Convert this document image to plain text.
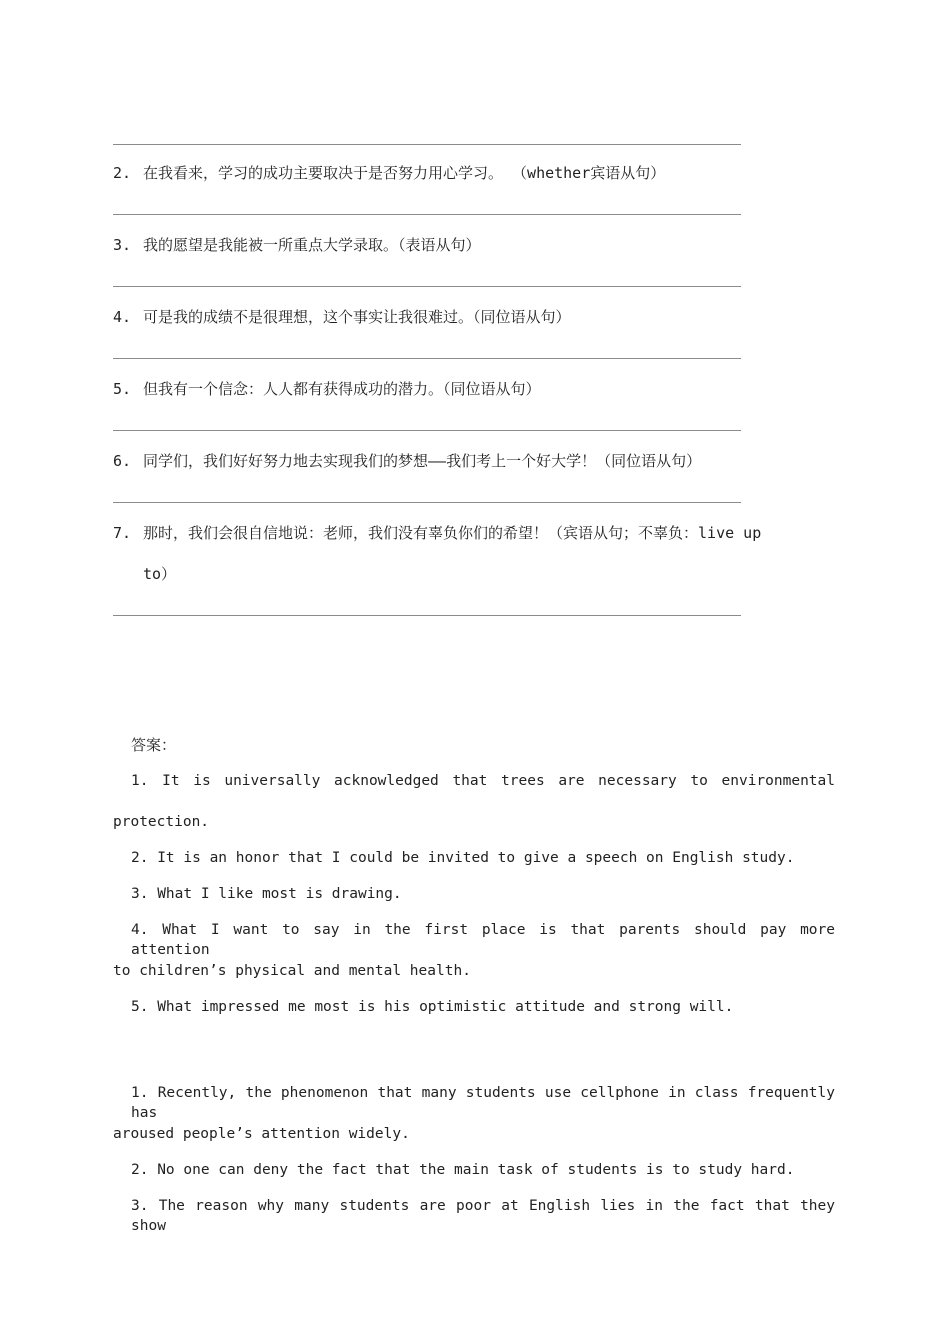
2. 在我看来，学习的成功主要取决于是否努力用心学习。 （whether宾语从句）
3. 我的愿望是我能被一所重点大学录取。（表语从句）
4. 可是我的成绩不是很理想，这个事实让我很难过。（同位语从句）
5. 但我有一个信念：人人都有获得成功的潜力。（同位语从句）
6. 同学们，我们好好努力地去实现我们的梦想——我们考上一个好大学！（同位语从句）
7. 那时，我们会很自信地说：老师，我们没有辜负你们的希望！（宾语从句；不辜负：live up
to）
答案：
1. It is universally acknowledged that trees are necessary to environmental
protection.
2. It is an honor that I could be invited to give a speech on English study.
3. What I like most is drawing.
4. What I want to say in the first place is that parents should pay more attention
to children’s physical and mental health.
5. What impressed me most is his optimistic attitude and strong will.
1. Recently, the phenomenon that many students use cellphone in class frequently has
aroused people’s attention widely.
2. No one can deny the fact that the main task of students is to study hard.
3. The reason why many students are poor at English lies in the fact that they show
